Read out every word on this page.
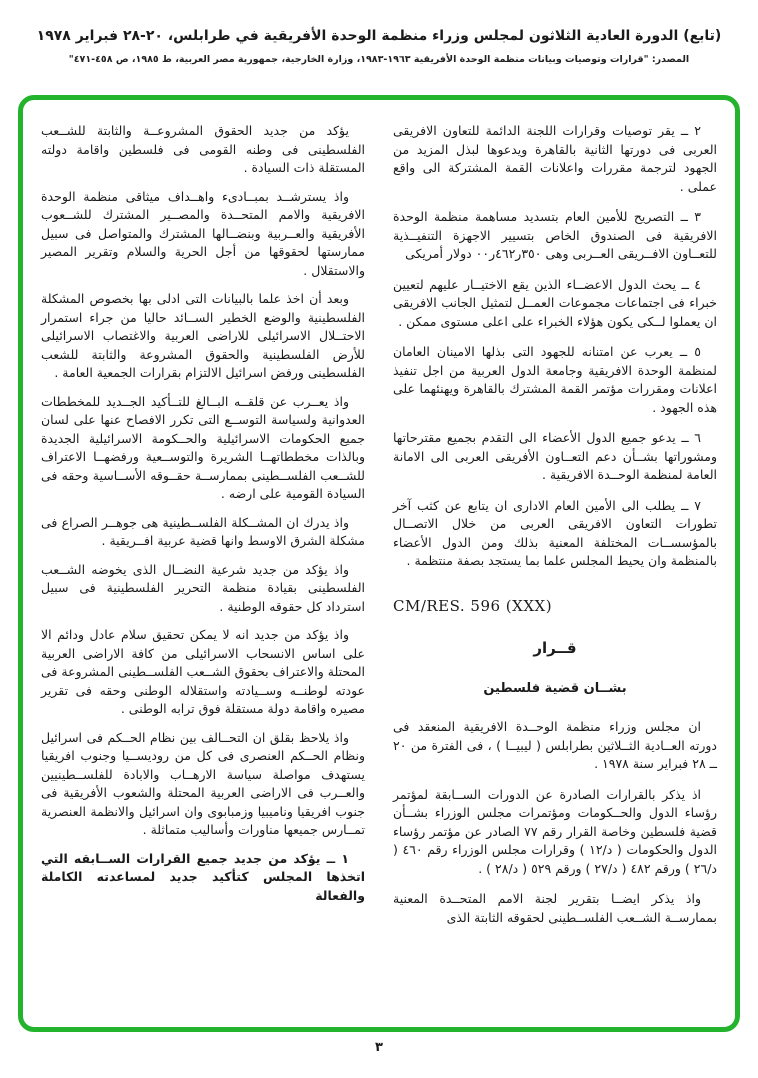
(تابع) الدورة العادية الثلاثون لمجلس وزراء منظمة الوحدة الأفريقية في طرابلس، ٢٠-٢٨ فبراير ١٩٧٨
المصدر: "قرارات وتوصيات وبيانات منظمة الوحدة الأفريقية ١٩٦٣-١٩٨٣، وزارة الخارجية، جمهورية مصر العربية، ط ١٩٨٥، ص ٤٥٨-٤٧١"

٢ ــ يقر توصيات وقرارات اللجنة الدائمة للتعاون الافريقى العربى فى دورتها الثانية بالقاهرة ويدعوها لبذل المزيد من الجهود لترجمة مقررات واعلانات القمة المشتركة الى واقع عملى .

٣ ــ التصريح للأمين العام بتسديد مساهمة منظمة الوحدة الافريقية فى الصندوق الخاص بتسيير الاجهزة التنفيــذية للتعــاون الافــريقى العــربى وهى ٣٥٠ر٤٦٢ر٠٠ دولار أمريكى

٤ ــ يحث الدول الاعضــاء الذين يقع الاختيــار عليهم لتعيين خبراء فى اجتماعات مجموعات العمــل لتمثيل الجانب الافريقى ان يعملوا لــكى يكون هؤلاء الخبراء على اعلى مستوى ممكن .

٥ ــ يعرب عن امتنانه للجهود التى بذلها الامينان العامان لمنظمة الوحدة الافريقية وجامعة الدول العربية من اجل تنفيذ اعلانات ومقررات مؤتمر القمة المشترك بالقاهرة ويهنئهما على هذه الجهود .

٦ ــ يدعو جميع الدول الأعضاء الى التقدم بجميع مقترحاتها ومشوراتها بشــأن دعم التعــاون الأفريقى العربى الى الامانة العامة لمنظمة الوحــدة الافريقية .

٧ ــ يطلب الى الأمين العام الادارى ان يتابع عن كثب آخر تطورات التعاون الافريقى العربى من خلال الاتصــال بالمؤسســات المختلفة المعنية بذلك ومن الدول الأعضاء بالمنظمة وان يحيط المجلس علما بما يستجد بصفة منتظمة .

CM/RES. 596 (XXX)
قــرار
بشــان قضية فلسطين

ان مجلس وزراء منظمة الوحــدة الافريقية المنعقد فى دورته العــادية الثــلاثين بطرابلس ( ليبيــا ) ، فى الفترة من ٢٠ ــ ٢٨ فبراير سنة ١٩٧٨ .

اذ يذكر بالقرارات الصادرة عن الدورات الســابقة لمؤتمر رؤساء الدول والحــكومات ومؤتمرات مجلس الوزراء بشــأن قضية فلسطين وخاصة القرار رقم ٧٧ الصادر عن مؤتمر رؤساء الدول والحكومات ( د/١٢ ) وقرارات مجلس الوزراء رقم ٤٦٠ ( د/٢٦ ) ورقم ٤٨٢ ( د/٢٧ ) ورقم ٥٢٩ ( د/٢٨ ) .

واذ يذكر ايضــا بتقرير لجنة الامم المتحــدة المعنية بممارســة الشــعب الفلســطينى لحقوقه الثابتة الذى

يؤكد من جديد الحقوق المشروعــة والثابتة للشــعب الفلسطينى فى وطنه القومى فى فلسطين واقامة دولته المستقلة ذات السيادة .

واذ يسترشــد بمبــادىء واهــداف ميثاقى منظمة الوحدة الافريقية والامم المتحــدة والمصــير المشترك للشــعوب الأفريقية والعــربية وبنضــالها المشترك والمتواصل فى سبيل ممارستها لحقوقها من أجل الحرية والسلام وتقرير المصير والاستقلال .

وبعد أن اخذ علما بالبيانات التى ادلى بها بخصوص المشكلة الفلسطينية والوضع الخطير الســائد حاليا من جراء استمرار الاحتــلال الاسرائيلى للاراضى العربية والاغتصاب الاسرائيلى للأرض الفلسطينية والحقوق المشروعة والثابتة للشعب الفلسطينى ورفض اسرائيل الالتزام بقرارات الجمعية العامة .

واذ يعــرب عن قلقــه البــالغ للتــأكيد الجــديد للمخططات العدوانية ولسياسة التوســع التى تكرر الافصاح عنها على لسان جميع الحكومات الاسرائيلية والحــكومة الاسرائيلية الجديدة وبالذات مخططاتهــا الشريرة والتوســعية ورفضهــا الاعتراف للشــعب الفلســطينى بممارســة حقــوقه الأســاسية وحقه فى السيادة القومية على ارضه .

واذ يدرك ان المشــكلة الفلســطينية هى جوهــر الصراع فى مشكلة الشرق الاوسط وانها قضية عربية افــريقية .

واذ يؤكد من جديد شرعية النضــال الذى يخوضه الشــعب الفلسطينى بقيادة منظمة التحرير الفلسطينية فى سبيل استرداد كل حقوقه الوطنية .

واذ يؤكد من جديد انه لا يمكن تحقيق سلام عادل ودائم الا على اساس الانسحاب الاسرائيلى من كافة الاراضى العربية المحتلة والاعتراف بحقوق الشــعب الفلســطينى المشروعة فى عودته لوطنــه وســيادته واستقلاله الوطنى وحقه فى تقرير مصيره واقامة دولة مستقلة فوق ترابه الوطنى .

واذ يلاحظ بقلق ان التحــالف بين نظام الحــكم فى اسرائيل ونظام الحــكم العنصرى فى كل من روديســيا وجنوب افريقيا يستهدف مواصلة سياسة الارهــاب والابادة للفلســطينيين والعــرب فى الاراضى العربية المحتلة والشعوب الأفريقية فى جنوب افريقيا وناميبيا وزمبابوى وان اسرائيل والانظمة العنصرية تمــارس جميعها مناورات وأساليب متماثلة .

١ ــ يؤكد من جديد جميع القرارات الســابقه التي اتخذها المجلس كتأكيد جديد لمساعدته الكاملة والفعالة

٣
